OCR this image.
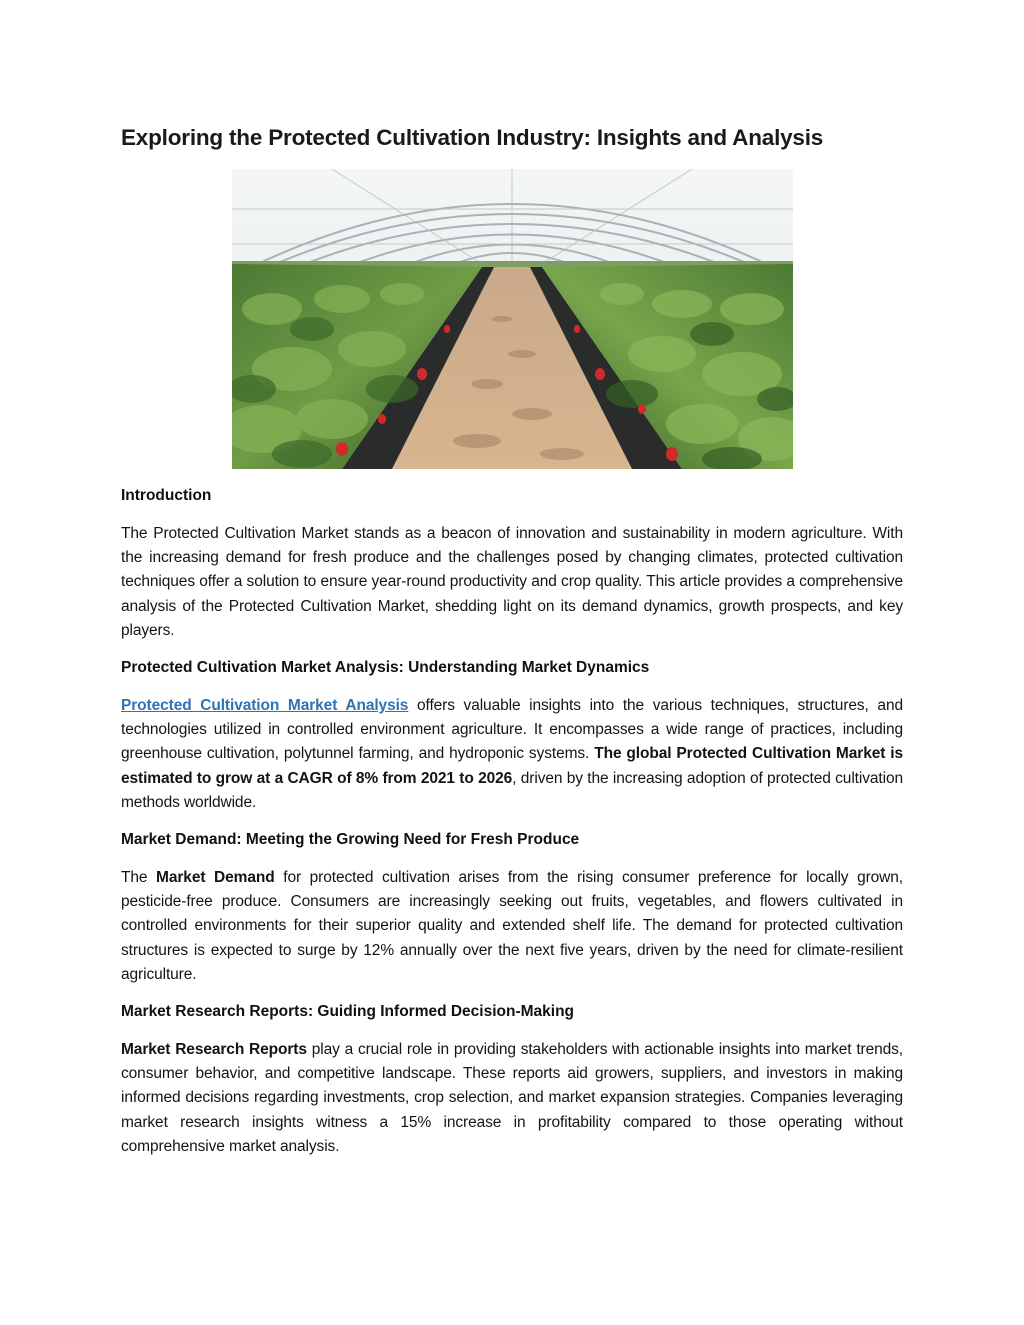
Exploring the Protected Cultivation Industry: Insights and Analysis
Introduction

The Protected Cultivation Market stands as a beacon of innovation and sustainability in modern agriculture. With the increasing demand for fresh produce and the challenges posed by changing climates, protected cultivation techniques offer a solution to ensure year-round productivity and crop quality. This article provides a comprehensive analysis of the Protected Cultivation Market, shedding light on its demand dynamics, growth prospects, and key players.

Protected Cultivation Market Analysis: Understanding Market Dynamics

Protected Cultivation Market Analysis offers valuable insights into the various techniques, structures, and technologies utilized in controlled environment agriculture. It encompasses a wide range of practices, including greenhouse cultivation, polytunnel farming, and hydroponic systems. The global Protected Cultivation Market is estimated to grow at a CAGR of 8% from 2021 to 2026, driven by the increasing adoption of protected cultivation methods worldwide.

Market Demand: Meeting the Growing Need for Fresh Produce

The Market Demand for protected cultivation arises from the rising consumer preference for locally grown, pesticide-free produce. Consumers are increasingly seeking out fruits, vegetables, and flowers cultivated in controlled environments for their superior quality and extended shelf life. The demand for protected cultivation structures is expected to surge by 12% annually over the next five years, driven by the need for climate-resilient agriculture.

Market Research Reports: Guiding Informed Decision-Making

Market Research Reports play a crucial role in providing stakeholders with actionable insights into market trends, consumer behavior, and competitive landscape. These reports aid growers, suppliers, and investors in making informed decisions regarding investments, crop selection, and market expansion strategies. Companies leveraging market research insights witness a 15% increase in profitability compared to those operating without comprehensive market analysis.
